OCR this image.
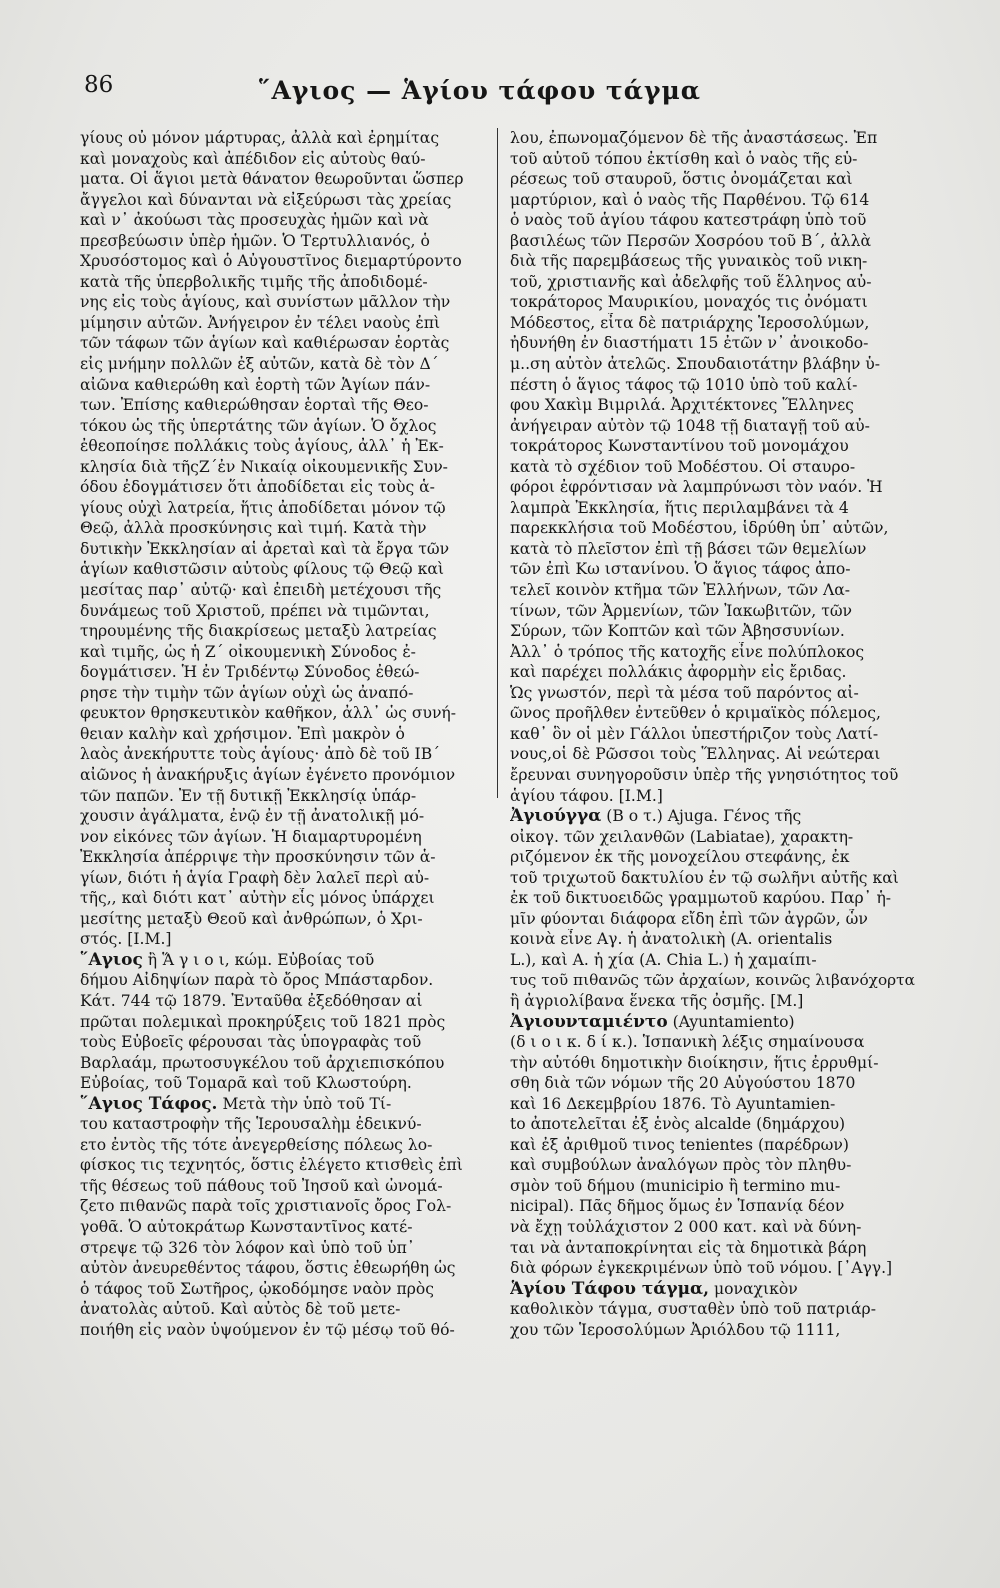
86	῞Αγιος — Ἁγίου τάφου τάγμα
γίους οὐ μόνον μάρτυρας, ἀλλὰ καὶ ἐρημίτας
καὶ μοναχοὺς καὶ ἀπέδιδον εἰς αὐτοὺς θαύ-
ματα. Οἱ ἅγιοι μετὰ θάνατον θεωροῦνται ὥσπερ
ἄγγελοι καὶ δύνανται νὰ εἰξεύρωσι τὰς χρείας
καὶ ν᾿ ἀκούωσι τὰς προσευχὰς ἡμῶν καὶ νὰ
πρεσβεύωσιν ὑπὲρ ἡμῶν. Ὁ Τερτυλλιανός, ὁ
Χρυσόστομος καὶ ὁ Αὐγουστῖνος διεμαρτύροντο
κατὰ τῆς ὑπερβολικῆς τιμῆς τῆς ἀποδιδομέ-
νης εἰς τοὺς ἁγίους, καὶ συνίστων μᾶλλον τὴν
μίμησιν αὐτῶν. Ἀνήγειρον ἐν τέλει ναοὺς ἐπὶ
τῶν τάφων τῶν ἁγίων καὶ καθιέρωσαν ἑορτὰς
εἰς μνήμην πολλῶν ἐξ αὐτῶν, κατὰ δὲ τὸν Δ´
αἰῶνα καθιερώθη καὶ ἑορτὴ τῶν Ἁγίων πάν-
των. Ἐπίσης καθιερώθησαν ἑορταὶ τῆς Θεο-
τόκου ὡς τῆς ὑπερτάτης τῶν ἁγίων. Ὁ ὄχλος
ἐθεοποίησε πολλάκις τοὺς ἁγίους, ἀλλ᾿ ἡ Ἐκ-
κλησία διὰ τῆςΖ´ἐν Νικαίᾳ οἰκουμενικῆς Συν-
όδου ἐδογμάτισεν ὅτι ἀποδίδεται εἰς τοὺς ἁ-
γίους οὐχὶ λατρεία, ἥτις ἀποδίδεται μόνον τῷ
Θεῷ, ἀλλὰ προσκύνησις καὶ τιμή. Κατὰ τὴν
δυτικὴν Ἐκκλησίαν αἱ ἀρεταὶ καὶ τὰ ἔργα τῶν
ἁγίων καθιστῶσιν αὐτοὺς φίλους τῷ Θεῷ καὶ
μεσίτας παρ᾿ αὐτῷ· καὶ ἐπειδὴ μετέχουσι τῆς
δυνάμεως τοῦ Χριστοῦ, πρέπει νὰ τιμῶνται,
τηρουμένης τῆς διακρίσεως μεταξὺ λατρείας
καὶ τιμῆς, ὡς ἡ Ζ´ οἰκουμενικὴ Σύνοδος ἐ-
δογμάτισεν. Ἡ ἐν Τριδέντῳ Σύνοδος ἐθεώ-
ρησε τὴν τιμὴν τῶν ἁγίων οὐχὶ ὡς ἀναπό-
φευκτον θρησκευτικὸν καθῆκον, ἀλλ᾿ ὡς συνή-
θειαν καλὴν καὶ χρήσιμον. Ἐπὶ μακρὸν ὁ
λαὸς ἀνεκήρυττε τοὺς ἁγίους· ἀπὸ δὲ τοῦ ΙΒ´
αἰῶνος ἡ ἀνακήρυξις ἁγίων ἐγένετο προνόμιον
τῶν παπῶν. Ἐν τῇ δυτικῇ Ἐκκλησίᾳ ὑπάρ-
χουσιν ἀγάλματα, ἐνῷ ἐν τῇ ἀνατολικῇ μό-
νον εἰκόνες τῶν ἁγίων. Ἡ διαμαρτυρομένη
Ἐκκλησία ἀπέρριψε τὴν προσκύνησιν τῶν ἁ-
γίων, διότι ἡ ἁγία Γραφὴ δὲν λαλεῖ περὶ αὐ-
τῆς,, καὶ διότι κατ᾿ αὐτὴν εἷς μόνος ὑπάρχει
μεσίτης μεταξὺ Θεοῦ καὶ ἀνθρώπων, ὁ Χρι-
στός. [Ι.Μ.]
῞Αγιος ἢ Ἅ γ ι ο ι, κώμ. Εὐβοίας τοῦ
δήμου Αἰδηψίων παρὰ τὸ ὄρος Μπάσταρδον.
Κάτ. 744 τῷ 1879. Ἐνταῦθα ἐξεδόθησαν αἱ
πρῶται πολεμικαὶ προκηρύξεις τοῦ 1821 πρὸς
τοὺς Εὐβοεῖς φέρουσαι τὰς ὑπογραφὰς τοῦ
Βαρλαάμ, πρωτοσυγκέλου τοῦ ἀρχιεπισκόπου
Εὐβοίας, τοῦ Τομαρᾶ καὶ τοῦ Κλωστούρη.
῞Αγιος Τάφος. Μετὰ τὴν ὑπὸ τοῦ Τί-
του καταστροφὴν τῆς Ἱερουσαλὴμ ἐδεικνύ-
ετο ἐντὸς τῆς τότε ἀνεγερθείσης πόλεως λο-
φίσκος τις τεχνητός, ὅστις ἐλέγετο κτισθεὶς ἐπὶ
τῆς θέσεως τοῦ πάθους τοῦ Ἰησοῦ καὶ ὠνομά-
ζετο πιθανῶς παρὰ τοῖς χριστιανοῖς ὄρος Γολ-
γοθᾶ. Ὁ αὐτοκράτωρ Κωνσταντῖνος κατέ-
στρεψε τῷ 326 τὸν λόφον καὶ ὑπὸ τοῦ ὑπ᾿
αὐτὸν ἀνευρεθέντος τάφου, ὅστις ἐθεωρήθη ὡς
ὁ τάφος τοῦ Σωτῆρος, ᾠκοδόμησε ναὸν πρὸς
ἀνατολὰς αὐτοῦ. Καὶ αὐτὸς δὲ τοῦ μετε-
ποιήθη εἰς ναὸν ὑψούμενον ἐν τῷ μέσῳ τοῦ θό-
λου, ἐπωνομαζόμενον δὲ τῆς ἀναστάσεως. Ἐπ
τοῦ αὐτοῦ τόπου ἐκτίσθη καὶ ὁ ναὸς τῆς εὑ-
ρέσεως τοῦ σταυροῦ, ὅστις ὀνομάζεται καὶ
μαρτύριον, καὶ ὁ ναὸς τῆς Παρθένου. Τῷ 614
ὁ ναὸς τοῦ ἁγίου τάφου κατεστράφη ὑπὸ τοῦ
βασιλέως τῶν Περσῶν Χοσρόου τοῦ Β´, ἀλλὰ
διὰ τῆς παρεμβάσεως τῆς γυναικὸς τοῦ νικη-
τοῦ, χριστιανῆς καὶ ἀδελφῆς τοῦ ἕλληνος αὐ-
τοκράτορος Μαυρικίου, μοναχός τις ὀνόματι
Μόδεστος, εἶτα δὲ πατριάρχης Ἱεροσολύμων,
ἠδυνήθη ἐν διαστήματι 15 ἐτῶν ν᾿ ἀνοικοδο-
μ..ση αὐτὸν ἀτελῶς. Σπουδαιοτάτην βλάβην ὑ-
πέστη ὁ ἅγιος τάφος τῷ 1010 ὑπὸ τοῦ καλί-
φου Χακὶμ Βιμριλά. Ἀρχιτέκτονες Ἕλληνες
ἀνήγειραν αὐτὸν τῷ 1048 τῇ διαταγῇ τοῦ αὐ-
τοκράτορος Κωνσταντίνου τοῦ μονομάχου
κατὰ τὸ σχέδιον τοῦ Μοδέστου. Οἱ σταυρο-
φόροι ἐφρόντισαν νὰ λαμπρύνωσι τὸν ναόν. Ἡ
λαμπρὰ Ἐκκλησία, ἥτις περιλαμβάνει τὰ 4
παρεκκλήσια τοῦ Μοδέστου, ἱδρύθη ὑπ᾿ αὐτῶν,
κατὰ τὸ πλεῖστον ἐπὶ τῇ βάσει τῶν θεμελίων
τῶν ἐπὶ Κω ιστανίνου. Ὁ ἅγιος τάφος ἀπο-
τελεῖ κοινὸν κτῆμα τῶν Ἑλλήνων, τῶν Λα-
τίνων, τῶν Ἀρμενίων, τῶν Ἰακωβιτῶν, τῶν
Σύρων, τῶν Κοπτῶν καὶ τῶν Ἀβησσυνίων.
Ἀλλ᾿ ὁ τρόπος τῆς κατοχῆς εἶνε πολύπλοκος
καὶ παρέχει πολλάκις ἀφορμὴν εἰς ἔριδας.
Ὡς γνωστόν, περὶ τὰ μέσα τοῦ παρόντος αἰ-
ῶνος προῆλθεν ἐντεῦθεν ὁ κριμαϊκὸς πόλεμος,
καθ᾿ ὃν οἱ μὲν Γάλλοι ὑπεστήριζον τοὺς Λατί-
νους,οἱ δὲ Ρῶσσοι τοὺς Ἕλληνας. Αἱ νεώτεραι
ἔρευναι συνηγοροῦσιν ὑπὲρ τῆς γνησιότητος τοῦ
ἁγίου τάφου. [Ι.Μ.]
Ἀγιούγγα (Β ο τ.) Ajuga. Γένος τῆς
οἰκογ. τῶν χειλανθῶν (Labiatae), χαρακτη-
ριζόμενον ἐκ τῆς μονοχείλου στεφάνης, ἐκ
τοῦ τριχωτοῦ δακτυλίου ἐν τῷ σωλῆνι αὐτῆς καὶ
ἐκ τοῦ δικτυοειδῶς γραμμωτοῦ καρύου. Παρ᾿ ἡ-
μῖν φύονται διάφορα εἴδη ἐπὶ τῶν ἀγρῶν, ὧν
κοινὰ εἶνε Αγ. ἡ ἀνατολικὴ (A. orientalis
L.), καὶ Α. ἡ χία (A. Chia L.) ἡ χαμαίπι-
τυς τοῦ πιθανῶς τῶν ἀρχαίων, κοινῶς λιβανόχορτα
ἢ ἀγριολίβανα ἕνεκα τῆς ὀσμῆς. [Μ.]
Ἀγιουνταμιέντο (Ayuntamiento)
(δ ι ο ι κ. δ ί κ.). Ἱσπανικὴ λέξις σημαίνουσα
τὴν αὐτόθι δημοτικὴν διοίκησιν, ἥτις ἐρρυθμί-
σθη διὰ τῶν νόμων τῆς 20 Αὐγούστου 1870
καὶ 16 Δεκεμβρίου 1876. Τὸ Ayuntamien-
to ἀποτελεῖται ἐξ ἑνὸς alcalde (δημάρχου)
καὶ ἐξ ἀριθμοῦ τινος tenientes (παρέδρων)
καὶ συμβούλων ἀναλόγων πρὸς τὸν πληθυ-
σμὸν τοῦ δήμου (municipio ἢ termino mu-
nicipal). Πᾶς δῆμος ὅμως ἐν Ἱσπανίᾳ δέον
νὰ ἔχῃ τοὐλάχιστον 2 000 κατ. καὶ νὰ δύνη-
ται νὰ ἀνταποκρίνηται εἰς τὰ δημοτικὰ βάρη
διὰ φόρων ἐγκεκριμένων ὑπὸ τοῦ νόμου. [᾿Αγγ.]
Ἁγίου Τάφου τάγμα, μοναχικὸν
καθολικὸν τάγμα, συσταθὲν ὑπὸ τοῦ πατριάρ-
χου τῶν Ἱεροσολύμων Ἀριόλδου τῷ 1111,
